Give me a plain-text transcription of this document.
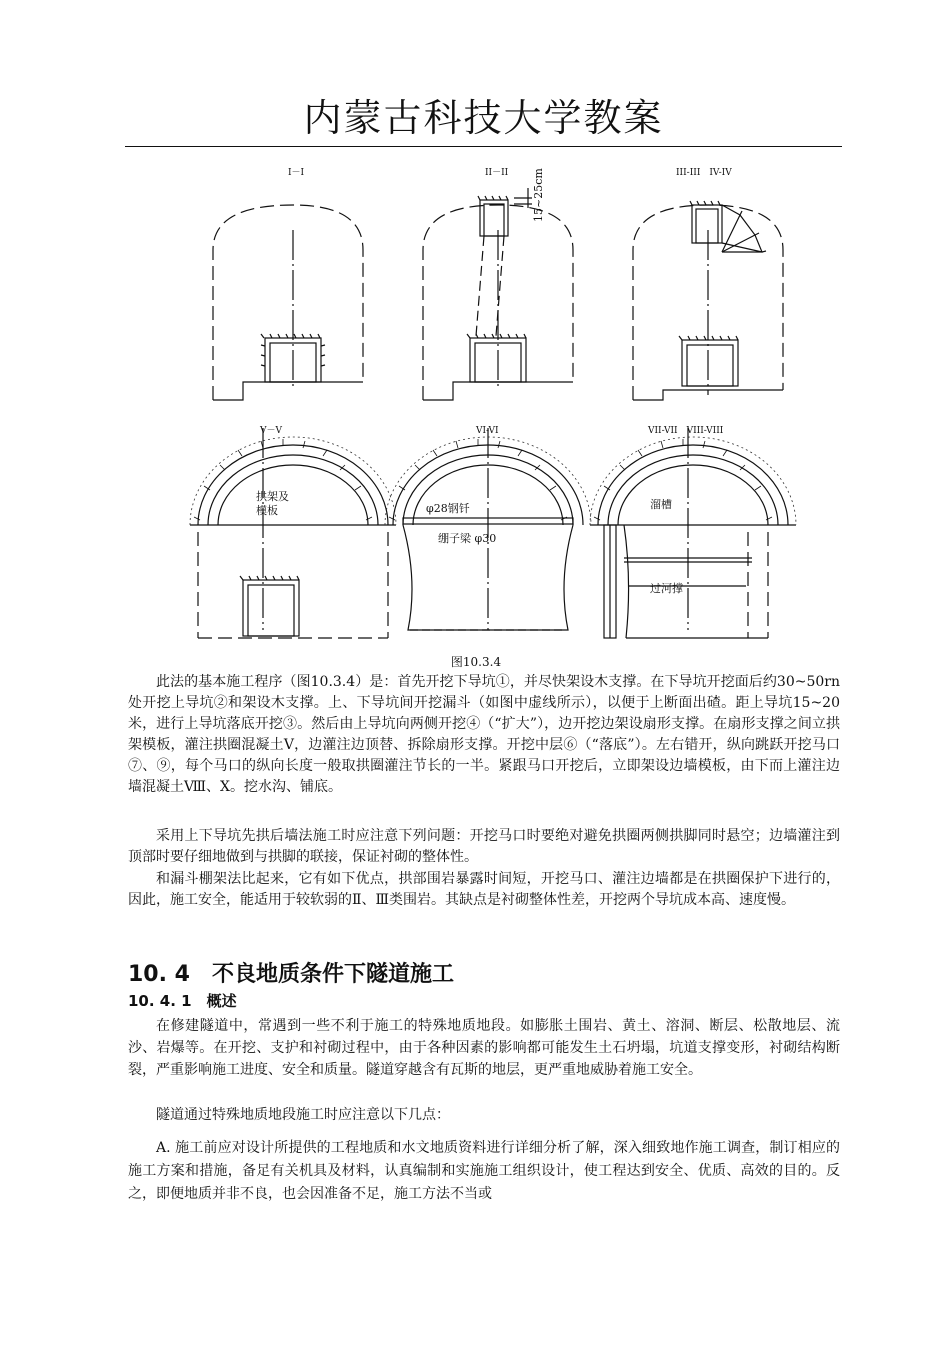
内蒙古科技大学教案
I－I	II－II	III-III　IV-IV
V－V	VI-VI	VII-VII　VIII-VIII
15~25cm
拱架及
模板	φ28钢钎
绷子梁 φ30
溜槽
过河撑
图10.3.4

此法的基本施工程序（图10.3.4）是：首先开挖下导坑①，并尽快架设木支撑。在下导坑开挖面后约30~50rn处开挖上导坑②和架设木支撑。上、下导坑间开挖漏斗（如图中虚线所示），以便于上断面出碴。距上导坑15~20米，进行上导坑落底开挖③。然后由上导坑向两侧开挖④（“扩大”），边开挖边架设扇形支撑。在扇形支撑之间立拱架模板，灌注拱圈混凝土Ⅴ，边灌注边顶替、拆除扇形支撑。开挖中层⑥（“落底”）。左右错开，纵向跳跃开挖马口⑦、⑨，每个马口的纵向长度一般取拱圈灌注节长的一半。紧跟马口开挖后，立即架设边墙模板，由下而上灌注边墙混凝土Ⅷ、Ⅹ。挖水沟、铺底。

采用上下导坑先拱后墙法施工时应注意下列问题：开挖马口时要绝对避免拱圈两侧拱脚同时悬空；边墙灌注到顶部时要仔细地做到与拱脚的联接，保证衬砌的整体性。

和漏斗棚架法比起来，它有如下优点，拱部围岩暴露时间短，开挖马口、灌注边墙都是在拱圈保护下进行的，因此，施工安全，能适用于较软弱的Ⅱ、Ⅲ类围岩。其缺点是衬砌整体性差，开挖两个导坑成本高、速度慢。

10. 4　不良地质条件下隧道施工
10. 4. 1　概述

在修建隧道中，常遇到一些不利于施工的特殊地质地段。如膨胀土围岩、黄土、溶洞、断层、松散地层、流沙、岩爆等。在开挖、支护和衬砌过程中，由于各种因素的影响都可能发生土石坍塌，坑道支撑变形，衬砌结构断裂，严重影响施工进度、安全和质量。隧道穿越含有瓦斯的地层，更严重地威胁着施工安全。

隧道通过特殊地质地段施工时应注意以下几点：

A. 施工前应对设计所提供的工程地质和水文地质资料进行详细分析了解，深入细致地作施工调查，制订相应的施工方案和措施，备足有关机具及材料，认真编制和实施施工组织设计，使工程达到安全、优质、高效的目的。反之，即便地质并非不良，也会因准备不足，施工方法不当或
